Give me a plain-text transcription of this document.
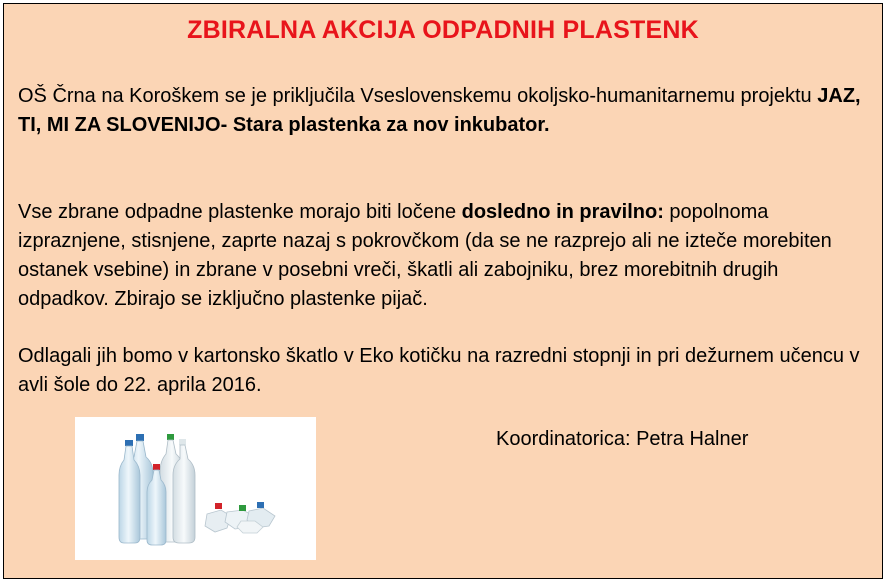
ZBIRALNA AKCIJA ODPADNIH PLASTENK

OŠ Črna na Koroškem se je priključila Vseslovenskemu okoljsko-humanitarnemu projektu JAZ, TI, MI ZA SLOVENIJO- Stara plastenka za nov inkubator.

Vse zbrane odpadne plastenke morajo biti ločene dosledno in pravilno: popolnoma izpraznjene, stisnjene, zaprte nazaj s pokrovčkom (da se ne razprejo ali ne izteče morebiten ostanek vsebine) in zbrane v posebni vreči, škatli ali zabojniku, brez morebitnih drugih odpadkov. Zbirajo se izključno plastenke pijač.

Odlagali jih bomo v kartonsko škatlo v Eko kotičku na razredni stopnji in pri dežurnem učencu v avli šole do 22. aprila 2016.

Koordinatorica: Petra Halner
